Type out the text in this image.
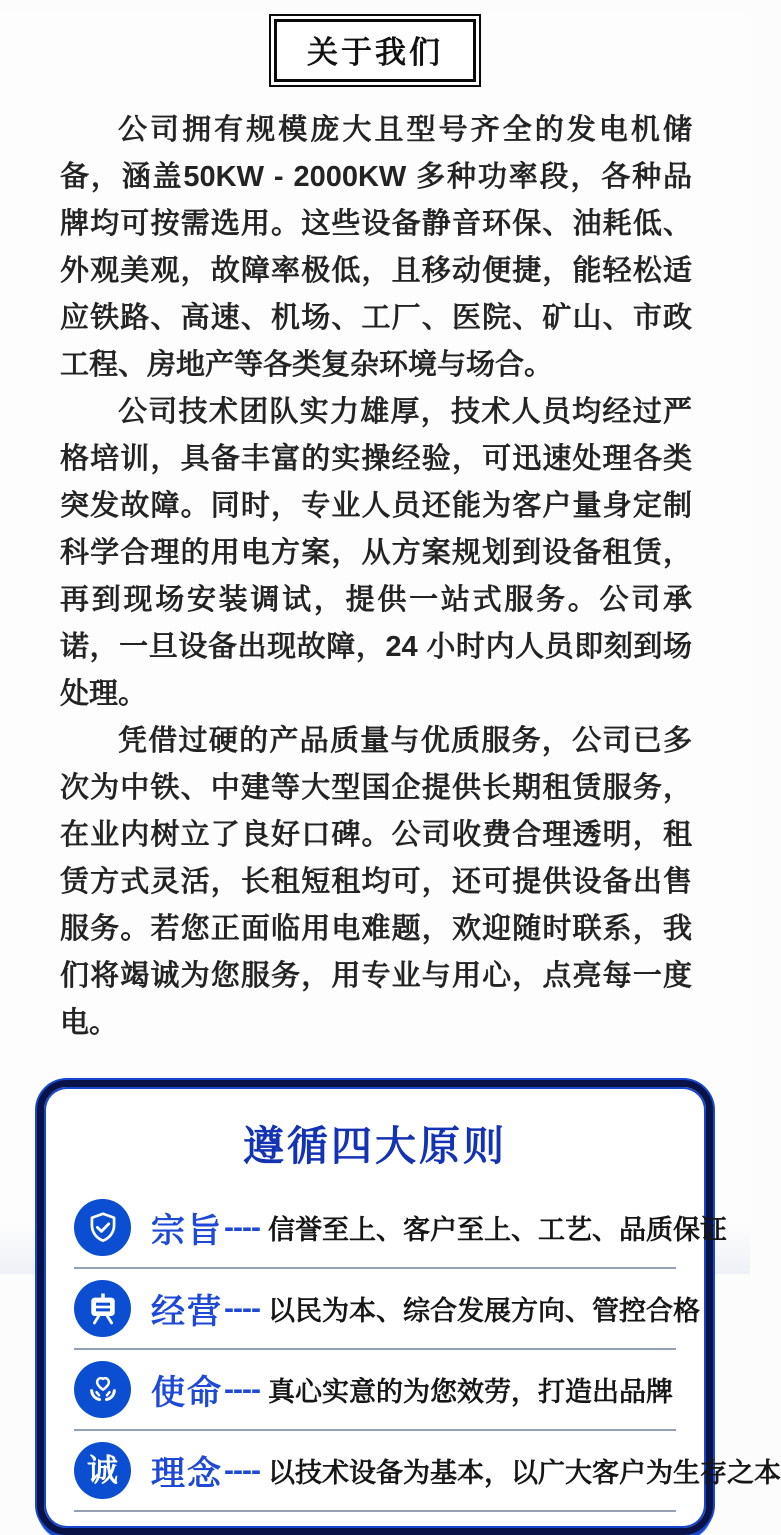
关于我们

公司拥有规模庞大且型号齐全的发电机储备，涵盖50KW - 2000KW 多种功率段，各种品牌均可按需选用。这些设备静音环保、油耗低、外观美观，故障率极低，且移动便捷，能轻松适应铁路、高速、机场、工厂、医院、矿山、市政工程、房地产等各类复杂环境与场合。

公司技术团队实力雄厚，技术人员均经过严格培训，具备丰富的实操经验，可迅速处理各类突发故障。同时，专业人员还能为客户量身定制科学合理的用电方案，从方案规划到设备租赁，再到现场安装调试，提供一站式服务。公司承诺，一旦设备出现故障，24 小时内人员即刻到场处理。

凭借过硬的产品质量与优质服务，公司已多次为中铁、中建等大型国企提供长期租赁服务，在业内树立了良好口碑。公司收费合理透明，租赁方式灵活，长租短租均可，还可提供设备出售服务。若您正面临用电难题，欢迎随时联系，我们将竭诚为您服务，用专业与用心，点亮每一度电。

遵循四大原则
宗旨 ---- 信誉至上、客户至上、工艺、品质保证
经营 ---- 以民为本、综合发展方向、管控合格
使命 ---- 真心实意的为您效劳，打造出品牌
诚 理念 ---- 以技术设备为基本，以广大客户为生存之本
